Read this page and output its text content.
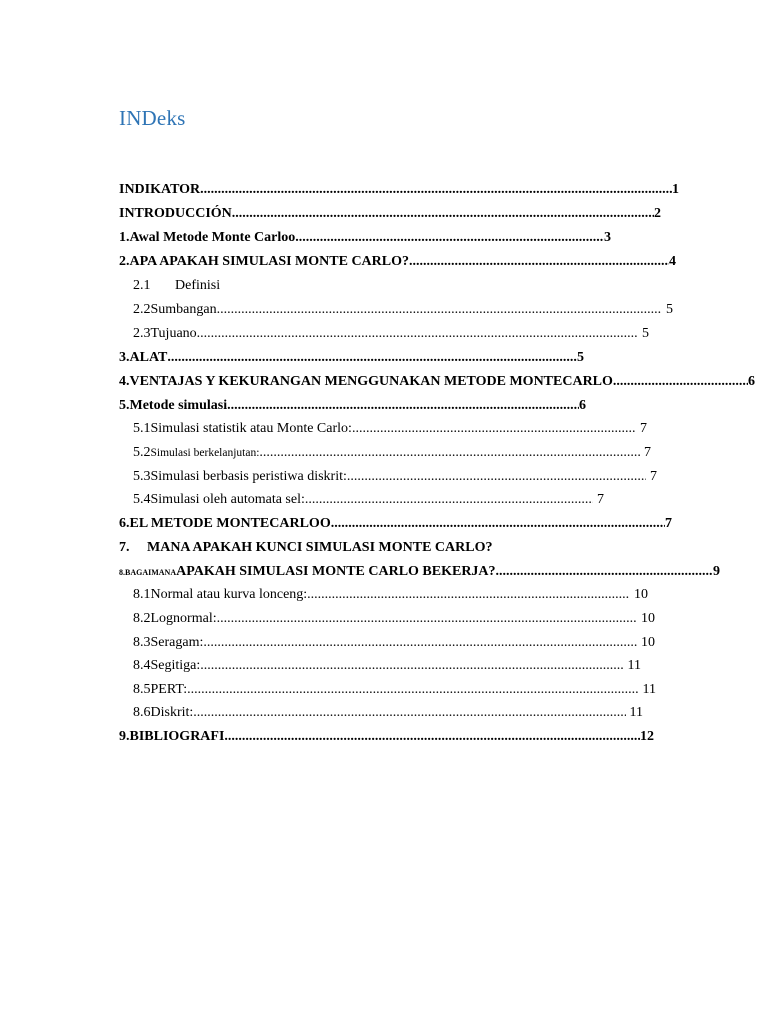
INDeks
INDIKATOR .....	1
INTRODUCCIÓN .....	2
1. Awal Metode Monte Carloo .....	3
2. APA APAKAH SIMULASI MONTE CARLO? .....	4
2.1	Definisi
2.2 Sumbangan .....	5
2.3 Tujuano .....	5
3. ALAT .....	5
4. VENTAJAS Y KEKURANGAN MENGGUNAKAN METODE MONTECARLO .....	6
5. Metode simulasi .....	6
5.1 Simulasi statistik atau Monte Carlo: .....	7
5.2 Simulasi berkelanjutan: .....	7
5.3 Simulasi berbasis peristiwa diskrit: .....	7
5.4 Simulasi oleh automata sel: .....	7
6. EL METODE MONTECARLOO .....	7
7.	MANA APAKAH KUNCI SIMULASI MONTE CARLO?
8. BAGAIMANA APAKAH SIMULASI MONTE CARLO BEKERJA? .....	9
8.1 Normal atau kurva lonceng: .....	10
8.2 Lognormal: .....	10
8.3 Seragam: .....	10
8.4 Segitiga: .....	11
8.5 PERT: .....	11
8.6 Diskrit: .....	11
9. BIBLIOGRAFI .....	12
